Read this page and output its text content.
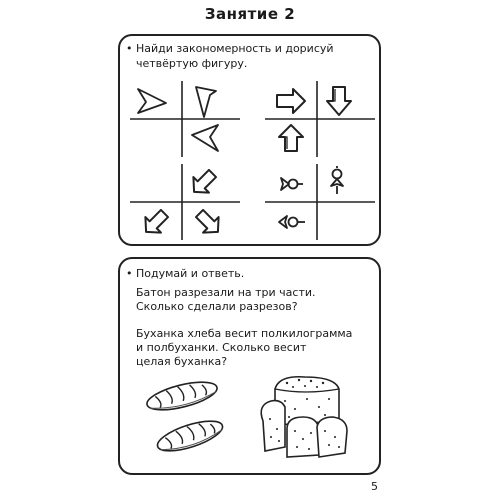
Занятие 2
• Найди закономерность и дорисуй
четвёртую фигуру.
• Подумай и ответь.
Батон разрезали на три части.
Сколько сделали разрезов?
Буханка хлеба весит полкилограмма
и полбуханки. Сколько весит
целая буханка?
5
